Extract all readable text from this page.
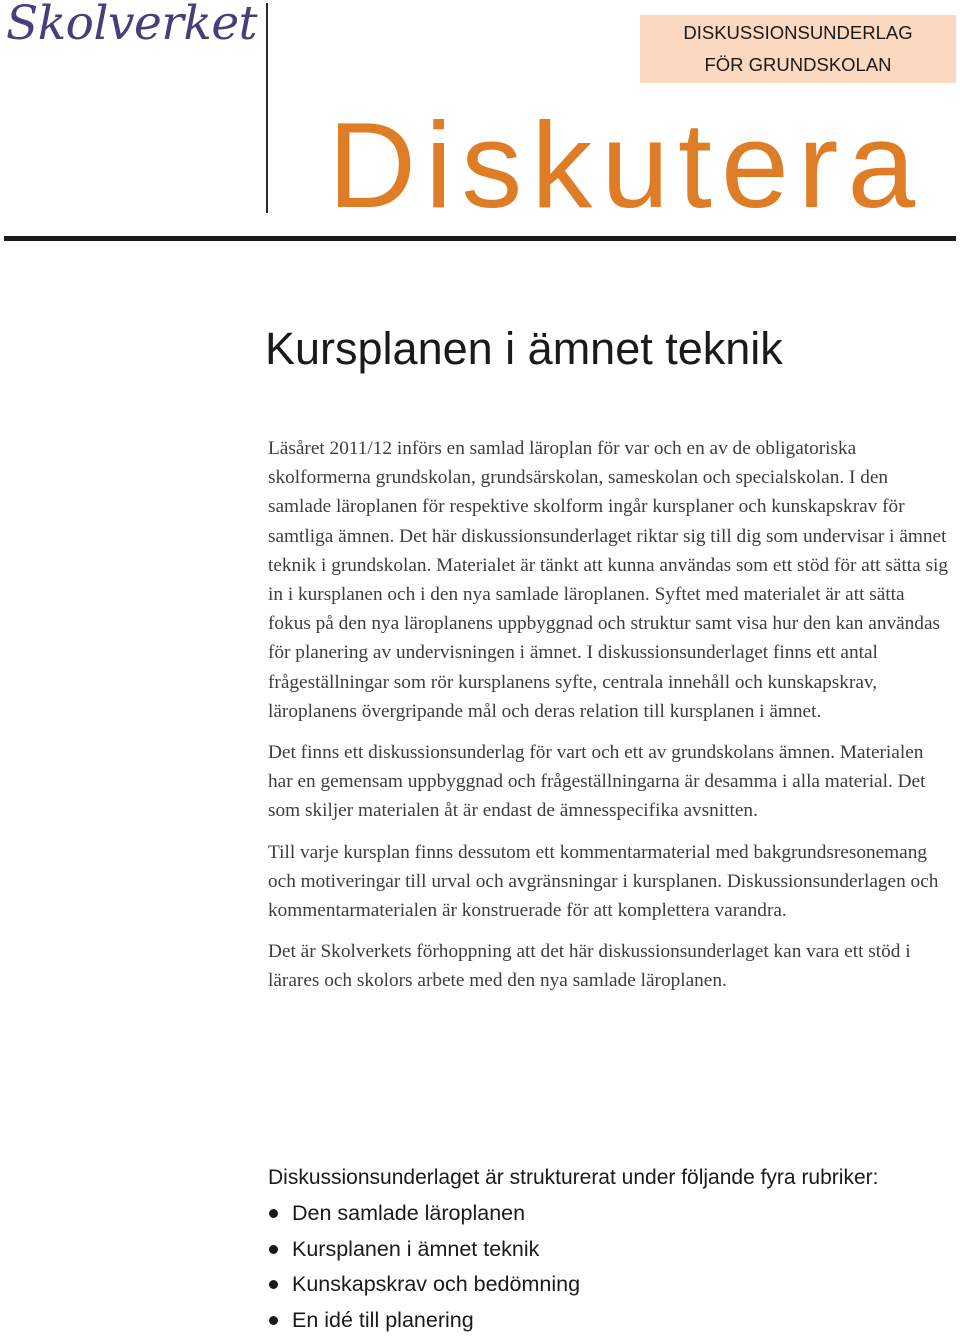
Skolverket	DISKUSSIONSUNDERLAG
FÖR GRUNDSKOLAN
Diskutera
Kursplanen i ämnet teknik

Läsåret 2011/12 införs en samlad läroplan för var och en av de obligatoriska skolformerna grundskolan, grundsärskolan, sameskolan och specialskolan. I den samlade läroplanen för respektive skolform ingår kursplaner och kunskapskrav för samtliga ämnen. Det här diskussionsunderlaget riktar sig till dig som undervisar i ämnet teknik i grundskolan. Materialet är tänkt att kunna användas som ett stöd för att sätta sig in i kursplanen och i den nya samlade läroplanen. Syftet med materialet är att sätta fokus på den nya läroplanens uppbyggnad och struktur samt visa hur den kan användas för planering av undervisningen i ämnet. I diskussionsunderlaget finns ett antal frågeställningar som rör kursplanens syfte, centrala innehåll och kunskapskrav, läroplanens övergripande mål och deras relation till kursplanen i ämnet.

Det finns ett diskussionsunderlag för vart och ett av grundskolans ämnen. Materialen har en gemensam uppbyggnad och frågeställningarna är desamma i alla material. Det som skiljer materialen åt är endast de ämnesspecifika avsnitten.

Till varje kursplan finns dessutom ett kommentarmaterial med bakgrundsresonemang och motiveringar till urval och avgränsningar i kursplanen. Diskussionsunderlagen och kommentarmaterialen är konstruerade för att komplettera varandra.

Det är Skolverkets förhoppning att det här diskussionsunderlaget kan vara ett stöd i lärares och skolors arbete med den nya samlade läroplanen.

Diskussionsunderlaget är strukturerat under följande fyra rubriker:

Den samlade läroplanen
Kursplanen i ämnet teknik
Kunskapskrav och bedömning
En idé till planering
